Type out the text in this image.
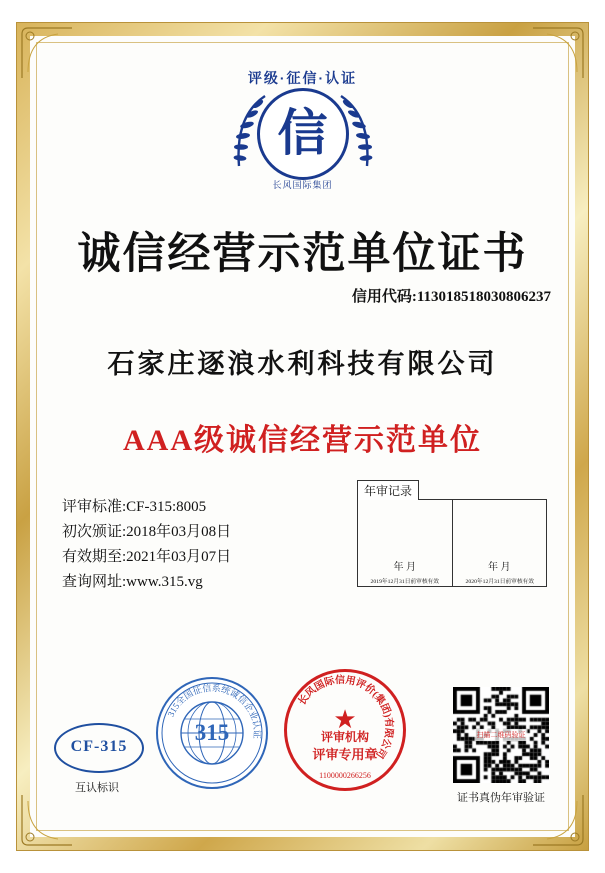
评级·征信·认证
信
长风国际集团
诚信经营示范单位证书
信用代码:113018518030806237
石家庄逐浪水利科技有限公司
AAA级诚信经营示范单位
评审标准:CF-315:8005
初次颁证:2018年03月08日
有效期至:2021年03月07日
查询网址:www.315.vg
年审记录
年 月
2019年12月31日前审核有效
年 月
2020年12月31日前审核有效
CF-315
互认标识
315全国征信系统诚信企业认证
315
长风国际信用评价(集团)有限公司
★
评审机构
评审专用章
1100000266256
扫描二维码验证
证书真伪年审验证
